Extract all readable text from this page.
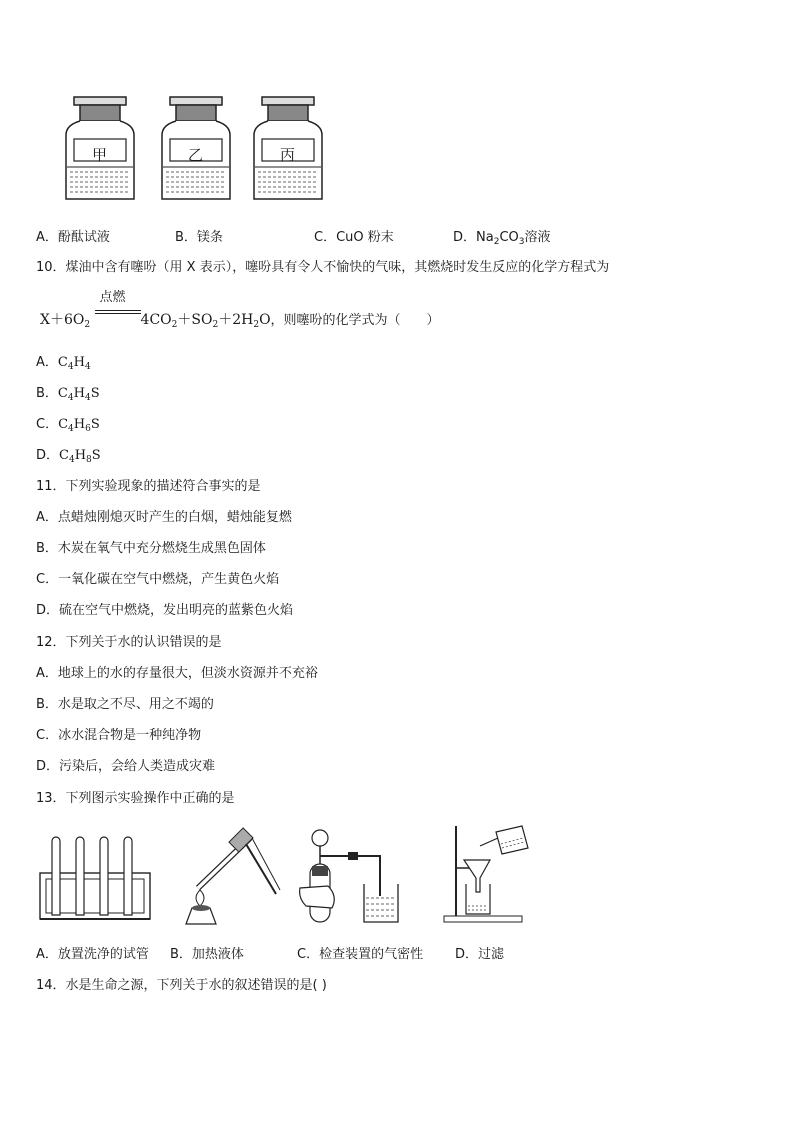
甲	乙	丙
A．酚酞试液	B．镁条	C．CuO 粉末	D．$Na_2CO_3$溶液
10．煤油中含有噻吩（用 X 表示），噻吩具有令人不愉快的气味，其燃烧时发生反应的化学方程式为
$X+6O_2$
点燃
$4CO_2+SO_2+2H_2O$，则噻吩的化学式为（　　）
A．$C_4H_4$
B．$C_4H_4S$
C．$C_4H_6S$
D．$C_4H_8S$
11．下列实验现象的描述符合事实的是
A．点蜡烛刚熄灭时产生的白烟，蜡烛能复燃
B．木炭在氧气中充分燃烧生成黑色固体
C．一氧化碳在空气中燃烧，产生黄色火焰
D．硫在空气中燃烧，发出明亮的蓝紫色火焰
12．下列关于水的认识错误的是
A．地球上的水的存量很大，但淡水资源并不充裕
B．水是取之不尽、用之不竭的
C．冰水混合物是一种纯净物
D．污染后，会给人类造成灾难
13．下列图示实验操作中正确的是
A．放置洗净的试管 B．加热液体	C．检查装置的气密性 D．过滤
14．水是生命之源，下列关于水的叙述错误的是( )
